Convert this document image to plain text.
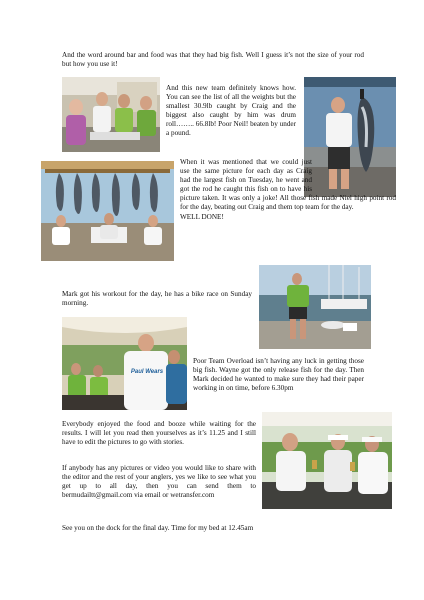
And the word around bar and food was that they had big fish. Well I guess it’s not the size of your rod but how you use it!
And this new team definitely knows how. You can see the list of all the weights but the smallest 30.9lb caught by Craig and the biggest also caught by him was drum roll…….. 66.8lb! Poor Neil! beaten by under a pound.
When it was mentioned that we could just use the same picture for each day as Craig had the largest fish on Tuesday, he went and got the rod he caught this fish on to have his picture taken. It was only a joke! All those fish made Niel high point rod for the day, beating out Craig and them top team for the day.
WELL DONE!
Mark got his workout for the day, he has a bike race on Sunday morning.
Paul Wears
Poor Team Overload isn’t having any luck in getting those big fish. Wayne got the only release fish for the day. Then Mark decided he wanted to make sure they had their paper working in on time, before 6.30pm
Everybody enjoyed the food and booze while waiting for the results. I will let you read then yourselves as it’s 11.25 and I still have to edit the pictures to go with stories.
If anybody has any pictures or video you would like to share with the editor and the rest of your anglers, yes we like to see what you get up to all day, then you can send them to bermudailtt@gmail.com via email or wetransfer.com
See you on the dock for the final day. Time for my bed at 12.45am
